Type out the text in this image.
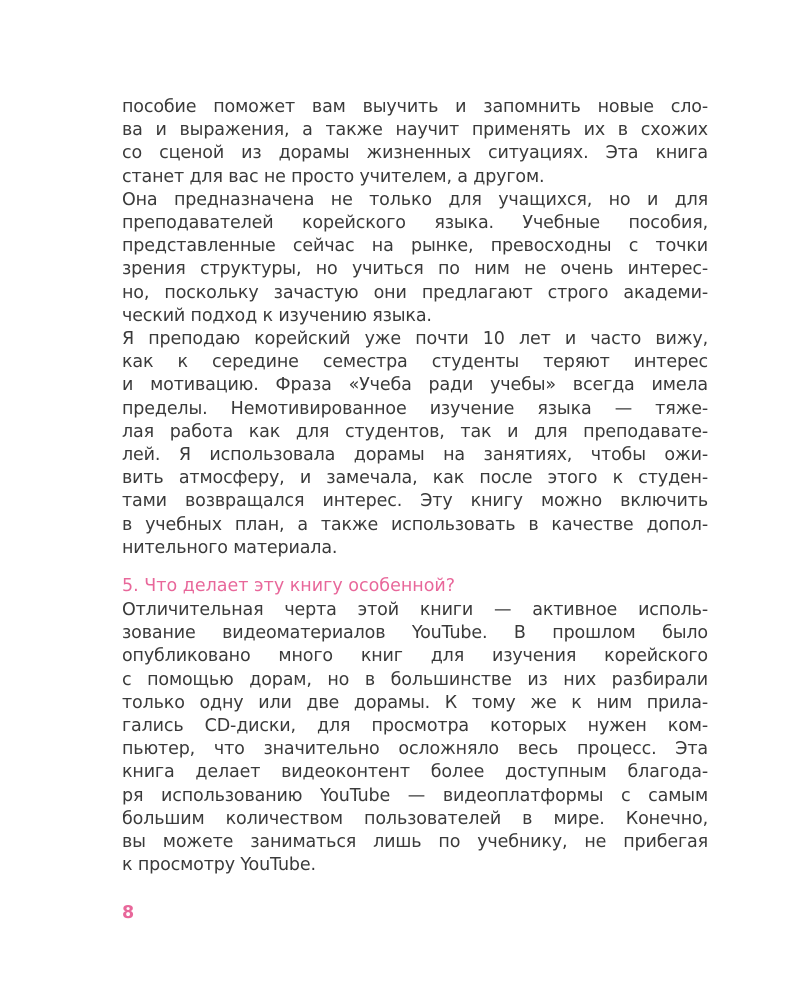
пособие поможет вам выучить и запомнить новые сло-
ва и выражения, а также научит применять их в схожих
со сценой из дорамы жизненных ситуациях. Эта книга
станет для вас не просто учителем, а другом.
Она предназначена не только для учащихся, но и для
преподавателей корейского языка. Учебные пособия,
представленные сейчас на рынке, превосходны с точки
зрения структуры, но учиться по ним не очень интерес-
но, поскольку зачастую они предлагают строго академи-
ческий подход к изучению языка.
Я преподаю корейский уже почти 10 лет и часто вижу,
как к середине семестра студенты теряют интерес
и мотивацию. Фраза «Учеба ради учебы» всегда имела
пределы. Немотивированное изучение языка — тяже-
лая работа как для студентов, так и для преподавате-
лей. Я использовала дорамы на занятиях, чтобы ожи-
вить атмосферу, и замечала, как после этого к студен-
тами возвращался интерес. Эту книгу можно включить
в учебных план, а также использовать в качестве допол-
нительного материала.
5. Что делает эту книгу особенной?
Отличительная черта этой книги — активное исполь-
зование видеоматериалов YouTube. В прошлом было
опубликовано много книг для изучения корейского
с помощью дорам, но в большинстве из них разбирали
только одну или две дорамы. К тому же к ним прила-
гались CD-диски, для просмотра которых нужен ком-
пьютер, что значительно осложняло весь процесс. Эта
книга делает видеоконтент более доступным благода-
ря использованию YouTube — видеоплатформы с самым
большим количеством пользователей в мире. Конечно,
вы можете заниматься лишь по учебнику, не прибегая
к просмотру YouTube.
8
